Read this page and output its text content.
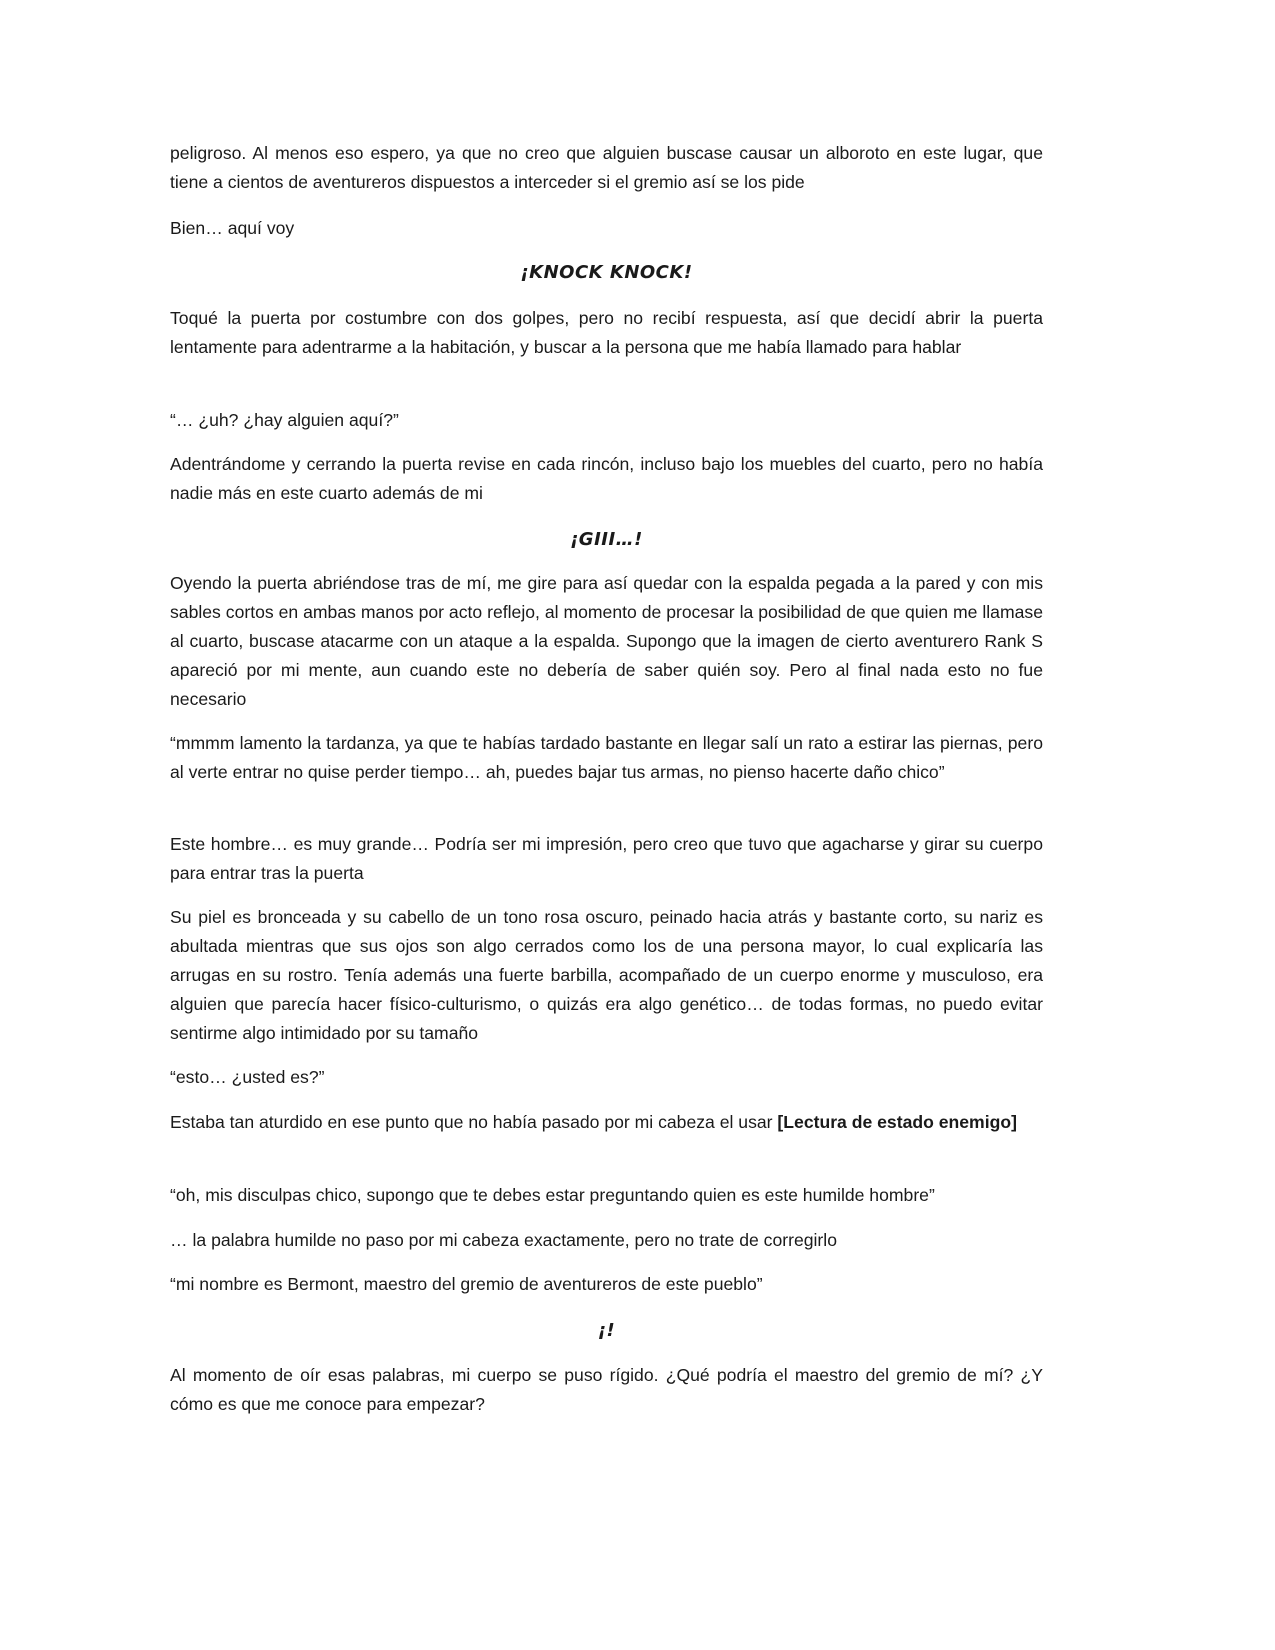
peligroso. Al menos eso espero, ya que no creo que alguien buscase causar un alboroto en este lugar, que tiene a cientos de aventureros dispuestos a interceder si el gremio así se los pide

Bien… aquí voy

¡KNOCK KNOCK!

Toqué la puerta por costumbre con dos golpes, pero no recibí respuesta, así que decidí abrir la puerta lentamente para adentrarme a la habitación, y buscar a la persona que me había llamado para hablar

“… ¿uh? ¿hay alguien aquí?”

Adentrándome y cerrando la puerta revise en cada rincón, incluso bajo los muebles del cuarto, pero no había nadie más en este cuarto además de mi

¡GIII…!

Oyendo la puerta abriéndose tras de mí, me gire para así quedar con la espalda pegada a la pared y con mis sables cortos en ambas manos por acto reflejo, al momento de procesar la posibilidad de que quien me llamase al cuarto, buscase atacarme con un ataque a la espalda. Supongo que la imagen de cierto aventurero Rank S apareció por mi mente, aun cuando este no debería de saber quién soy. Pero al final nada esto no fue necesario

“mmmm lamento la tardanza, ya que te habías tardado bastante en llegar salí un rato a estirar las piernas, pero al verte entrar no quise perder tiempo… ah, puedes bajar tus armas, no pienso hacerte daño chico”

Este hombre… es muy grande… Podría ser mi impresión, pero creo que tuvo que agacharse y girar su cuerpo para entrar tras la puerta

Su piel es bronceada y su cabello de un tono rosa oscuro, peinado hacia atrás y bastante corto, su nariz es abultada mientras que sus ojos son algo cerrados como los de una persona mayor, lo cual explicaría las arrugas en su rostro. Tenía además una fuerte barbilla, acompañado de un cuerpo enorme y musculoso, era alguien que parecía hacer físico-culturismo, o quizás era algo genético… de todas formas, no puedo evitar sentirme algo intimidado por su tamaño

“esto… ¿usted es?”

Estaba tan aturdido en ese punto que no había pasado por mi cabeza el usar [Lectura de estado enemigo]

“oh, mis disculpas chico, supongo que te debes estar preguntando quien es este humilde hombre”

… la palabra humilde no paso por mi cabeza exactamente, pero no trate de corregirlo

“mi nombre es Bermont, maestro del gremio de aventureros de este pueblo”

¡!

Al momento de oír esas palabras, mi cuerpo se puso rígido. ¿Qué podría el maestro del gremio de mí? ¿Y cómo es que me conoce para empezar?
